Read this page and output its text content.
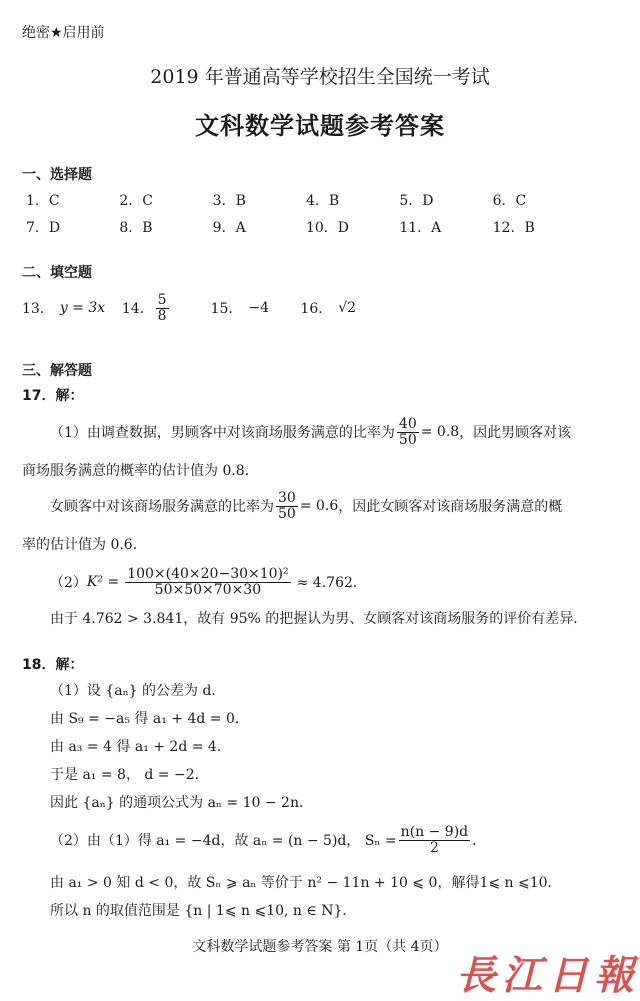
绝密★启用前
2019 年普通高等学校招生全国统一考试
文科数学试题参考答案
一、选择题
1．C	2．C	3．B	4．B	5．D	6．C
7．D	8．B	9．A	10．D	11．A	12．B
二、填空题
13． y = 3x	14． $\frac{5}{8}$	15． −4	16． √2
三、解答题
17．解：
（1）由调查数据，男顾客中对该商场服务满意的比率为 $\frac{40}{50} = 0.8$ ，因此男顾客对该
商场服务满意的概率的估计值为 0.8．
女顾客中对该商场服务满意的比率为 $\frac{30}{50} = 0.6$ ，因此女顾客对该商场服务满意的概
率的估计值为 0.6．
（2） $K^2 = \frac{\text{100×(40×20−30×10)²}}{50\times 50\times 70\times 30} \approx 4.762$．
由于 4.762 > 3.841，故有 95% 的把握认为男、女顾客对该商场服务的评价有差异．
18．解：
（1）设 {aₙ} 的公差为 d．
由 S₉ = −a₅ 得 a₁ + 4d = 0．
由 a₃ = 4 得 a₁ + 2d = 4．
于是 a₁ = 8， d = −2．
因此 {aₙ} 的通项公式为 aₙ = 10 − 2n．
（2）由（1）得 a₁ = −4d，故 aₙ = (n − 5)d， $S_n = \frac{n(n - 9)d}{2}$ ．
由 a₁ > 0 知 d < 0，故 Sₙ ⩾ aₙ 等价于 n² − 11n + 10 ⩽ 0，解得1⩽ n ⩽10．
所以 n 的取值范围是 {n | 1⩽ n ⩽10, n ∈ N}．
文科数学试题参考答案 第 1页（共 4页）
長江日報
